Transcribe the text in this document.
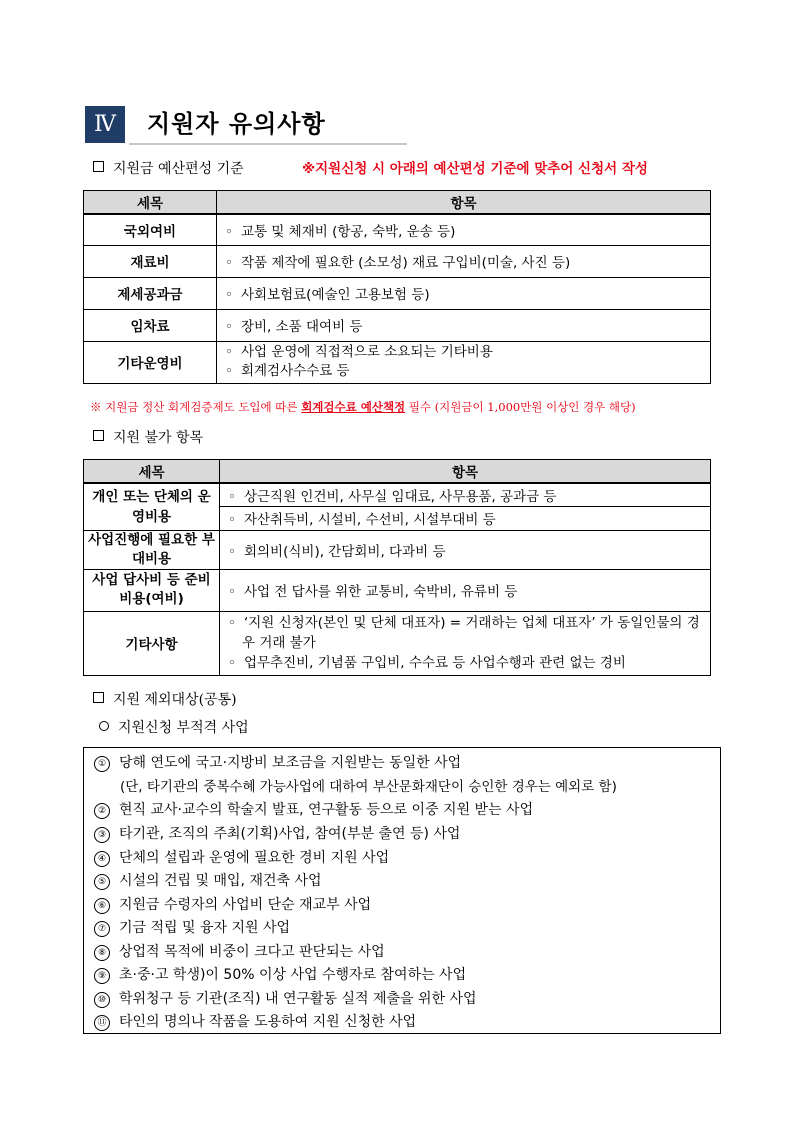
Ⅳ	지원자 유의사항
지원금 예산편성 기준	※지원신청 시 아래의 예산편성 기준에 맞추어 신청서 작성
세목	항목
국외여비	◦ 교통 및 체재비 (항공, 숙박, 운송 등)
재료비	◦ 작품 제작에 필요한 (소모성) 재료 구입비(미술, 사진 등)
제세공과금	◦ 사회보험료(예술인 고용보험 등)
임차료	◦ 장비, 소품 대여비 등
기타운영비	◦ 사업 운영에 직접적으로 소요되는 기타비용
◦ 회계검사수수료 등
※ 지원금 정산 회계검증제도 도입에 따른 회계검수료 예산책정 필수 (지원금이 1,000만원 이상인 경우 해당)
지원 불가 항목
세목	항목
개인 또는 단체의 운영비용	◦ 상근직원 인건비, 사무실 임대료, 사무용품, 공과금 등
	◦ 자산취득비, 시설비, 수선비, 시설부대비 등
사업진행에 필요한 부대비용	◦ 회의비(식비), 간담회비, 다과비 등
사업 답사비 등 준비비용(여비)	◦ 사업 전 답사를 위한 교통비, 숙박비, 유류비 등
기타사항	◦ ‘지원 신청자(본인 및 단체 대표자) = 거래하는 업체 대표자’ 가 동일인물의 경우 거래 불가
◦ 업무추진비, 기념품 구입비, 수수료 등 사업수행과 관련 없는 경비
지원 제외대상(공통)
지원신청 부적격 사업
① 당해 연도에 국고·지방비 보조금을 지원받는 동일한 사업
(단, 타기관의 중복수혜 가능사업에 대하여 부산문화재단이 승인한 경우는 예외로 함)
② 현직 교사·교수의 학술지 발표, 연구활동 등으로 이중 지원 받는 사업
③ 타기관, 조직의 주최(기획)사업, 참여(부분 출연 등) 사업
④ 단체의 설립과 운영에 필요한 경비 지원 사업
⑤ 시설의 건립 및 매입, 재건축 사업
⑥ 지원금 수령자의 사업비 단순 재교부 사업
⑦ 기금 적립 및 융자 지원 사업
⑧ 상업적 목적에 비중이 크다고 판단되는 사업
⑨ 초·중·고 학생)이 50% 이상 사업 수행자로 참여하는 사업
⑩ 학위청구 등 기관(조직) 내 연구활동 실적 제출을 위한 사업
⑪ 타인의 명의나 작품을 도용하여 지원 신청한 사업
